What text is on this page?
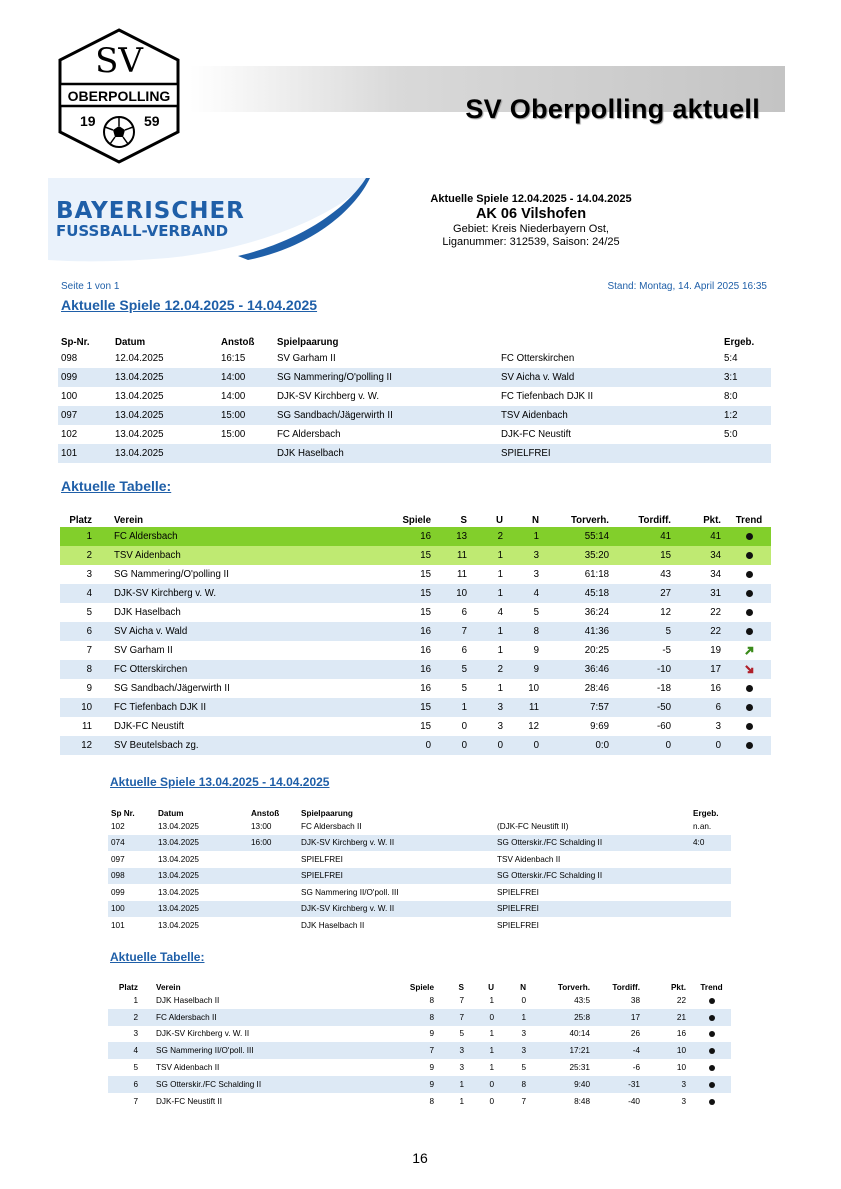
SV
OBERPOLLING
19	59	SV Oberpolling aktuell
BAYERISCHER
FUSSBALL-VERBAND
Aktuelle Spiele 12.04.2025 - 14.04.2025
AK 06 Vilshofen
Gebiet: Kreis Niederbayern Ost,
Liganummer: 312539, Saison: 24/25
Seite 1 von 1	Stand: Montag, 14. April 2025 16:35
Aktuelle Spiele 12.04.2025 - 14.04.2025
Sp-Nr.	Datum	Anstoß	Spielpaarung		Ergeb.
098	12.04.2025	16:15	SV Garham II	FC Otterskirchen	5:4
099	13.04.2025	14:00	SG Nammering/O'polling II	SV Aicha v. Wald	3:1
100	13.04.2025	14:00	DJK-SV Kirchberg v. W.	FC Tiefenbach DJK II	8:0
097	13.04.2025	15:00	SG Sandbach/Jägerwirth II	TSV Aidenbach	1:2
102	13.04.2025	15:00	FC Aldersbach	DJK-FC Neustift	5:0
101	13.04.2025		DJK Haselbach	SPIELFREI	
Aktuelle Tabelle:
Platz	Verein	Spiele	S	U	N	Torverh.	Tordiff.	Pkt.	Trend
1	FC Aldersbach	16	13	2	1	55:14	41	41	
2	TSV Aidenbach	15	11	1	3	35:20	15	34	
3	SG Nammering/O'polling II	15	11	1	3	61:18	43	34	
4	DJK-SV Kirchberg v. W.	15	10	1	4	45:18	27	31	
5	DJK Haselbach	15	6	4	5	36:24	12	22	
6	SV Aicha v. Wald	16	7	1	8	41:36	5	22	
7	SV Garham II	16	6	1	9	20:25	-5	19	
8	FC Otterskirchen	16	5	2	9	36:46	-10	17	
9	SG Sandbach/Jägerwirth II	16	5	1	10	28:46	-18	16	
10	FC Tiefenbach DJK II	15	1	3	11	7:57	-50	6	
11	DJK-FC Neustift	15	0	3	12	9:69	-60	3	
12	SV Beutelsbach zg.	0	0	0	0	0:0	0	0	
Aktuelle Spiele 13.04.2025 - 14.04.2025
Sp Nr.	Datum	Anstoß	Spielpaarung		Ergeb.
102	13.04.2025	13:00	FC Aldersbach II	(DJK-FC Neustift II)	n.an.
074	13.04.2025	16:00	DJK-SV Kirchberg v. W. II	SG Otterskir./FC Schalding II	4:0
097	13.04.2025		SPIELFREI	TSV Aidenbach II	
098	13.04.2025		SPIELFREI	SG Otterskir./FC Schalding II	
099	13.04.2025		SG Nammering II/O'poll. III	SPIELFREI	
100	13.04.2025		DJK-SV Kirchberg v. W. II	SPIELFREI	
101	13.04.2025		DJK Haselbach II	SPIELFREI	
Aktuelle Tabelle:
Platz	Verein	Spiele	S	U	N	Torverh.	Tordiff.	Pkt.	Trend
1	DJK Haselbach II	8	7	1	0	43:5	38	22	
2	FC Aldersbach II	8	7	0	1	25:8	17	21	
3	DJK-SV Kirchberg v. W. II	9	5	1	3	40:14	26	16	
4	SG Nammering II/O'poll. III	7	3	1	3	17:21	-4	10	
5	TSV Aidenbach II	9	3	1	5	25:31	-6	10	
6	SG Otterskir./FC Schalding II	9	1	0	8	9:40	-31	3	
7	DJK-FC Neustift II	8	1	0	7	8:48	-40	3	
16
